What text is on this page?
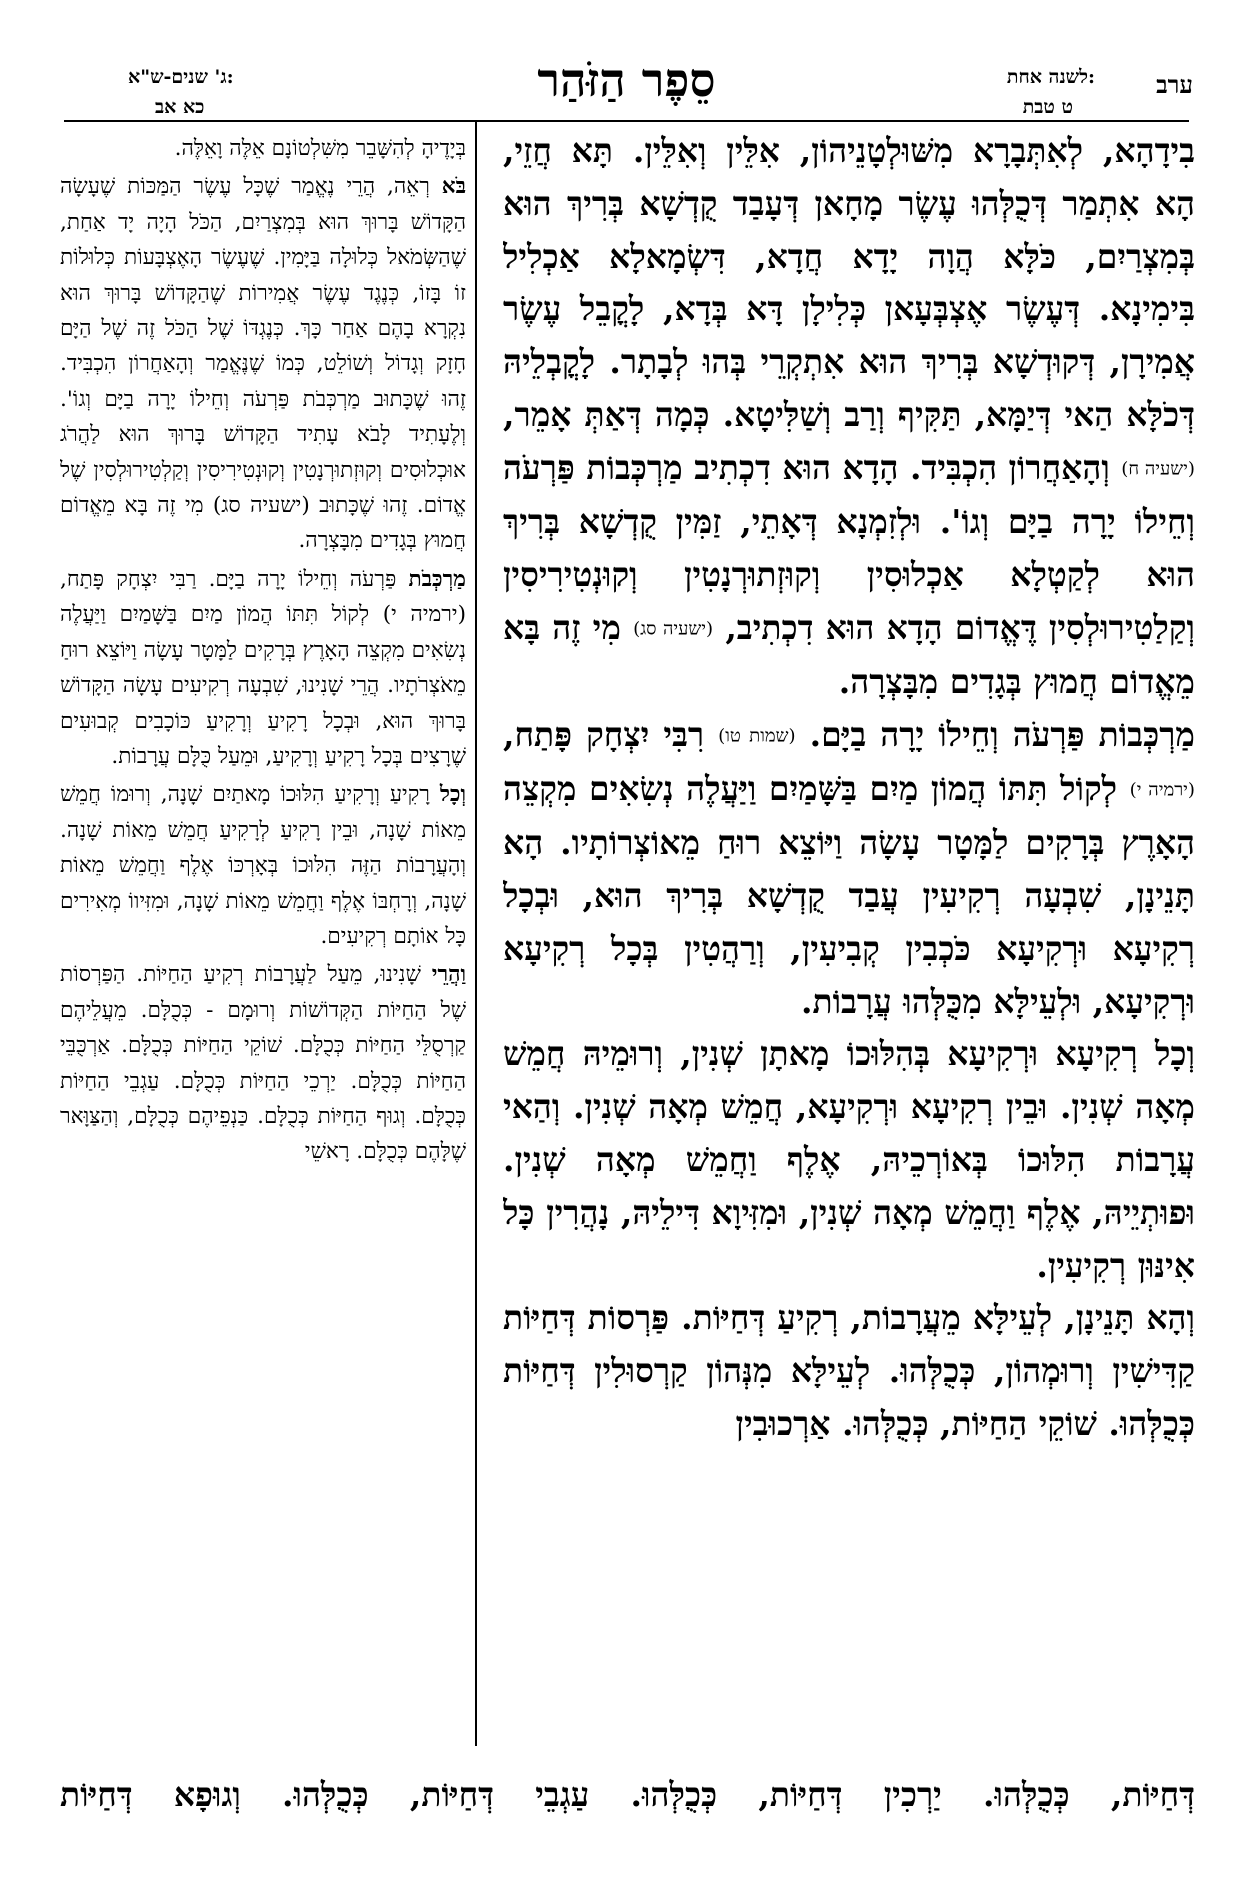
ערב
לשנה אחת:
ט טבת
סֵפֶר הַזֹּהַר
ג' שנים-ש"א:
כא אב

בִידָהָא, לְאִתְּבָרָא מִשּׁוּלְטָנֵיהוֹן, אִלֵּין וְאִלֵּין. תָּא חֲזֵי, הָא אִתְמַר דְּכֻלְּהוּ עֶשֶׂר מָחָאן דְּעָבַד קֻדְשָׁא בְּרִיךְ הוּא בְּמִצְרַיִם, כֹּלָּא הֲוָה יָדָא חֲדָא, דִּשְׂמָאלָא אַכְלִיל בִּימִינָא. דְּעֶשֶׂר אֶצְבְּעָאן כְּלִילָן דָּא בְּדָא, לָקֳבֵל עֶשֶׂר אֲמִירָן, דְּקוּדְשָׁא בְּרִיךְ הוּא אִתְקְרֵי בְּהוּ לְבָתָר. לָקֳבְלֵיהּ דְּכֹלָּא הַאי דְּיַמָּא, תַּקִּיף וְרַב וְשַׁלִּיטָא. כְּמָה דְּאַתְּ אָמֵר, (ישעיה ח) וְהָאַחֲרוֹן הִכְבִּיד. הָדָא הוּא דִכְתִיב מַרְכְּבוֹת פַּרְעֹה וְחֵילוֹ יָרָה בַיָּם וְגוֹ'. וּלְזִמְנָא דְּאָתֵי, זַמִּין קֻדְשָׁא בְּרִיךְ הוּא לְקַטְלָא אַכְלוּסִין וְקוּזְתוּרְנָטִין וְקוּנְטִירִיסִין וְקַלַטִירוּלְסִין דֶּאֱדוֹם הָדָא הוּא דִכְתִיב, (ישעיה סג) מִי זֶה בָּא מֵאֱדוֹם חֲמוּץ בְּגָדִים מִבָּצְרָה.

מַרְכְּבוֹת פַּרְעֹה וְחֵילוֹ יָרָה בַיָּם. (שמות טו) רִבִּי יִצְחָק פָּתַח, (ירמיה י) לְקוֹל תִּתּוֹ הֲמוֹן מַיִם בַּשָּׁמַיִם וַיַּעֲלֶה נְשִׂאִים מִקְצֵה הָאָרֶץ בְּרָקִים לַמָּטָר עָשָׂה וַיּוֹצֵא רוּחַ מֵאוֹצְרוֹתָיו. הָא תָּנֵינָן, שִׁבְעָה רְקִיעִין עֲבַד קֻדְשָׁא בְּרִיךְ הוּא, וּבְכָל רְקִיעָא וּרְקִיעָא כֹּכְבִין קְבִיעִין, וְרַהֲטִין בְּכָל רְקִיעָא וּרְקִיעָא, וּלְעֵילָּא מִכֻּלְּהוּ עֲרָבוֹת.

וְכָל רְקִיעָא וּרְקִיעָא בְּהִלּוּכוֹ מָאתָן שְׁנִין, וְרוּמֵיהּ חֲמֵשׁ מְאָה שְׁנִין. וּבֵין רְקִיעָא וּרְקִיעָא, חֲמֵשׁ מְאָה שְׁנִין. וְהַאי עֲרָבוֹת הִלּוּכוֹ בְּאוֹרְכֵיהּ, אֶלֶף וַחֲמֵשׁ מְאָה שְׁנִין. וּפוּתְיֵיהּ, אֶלֶף וַחֲמֵשׁ מְאָה שְׁנִין, וּמִזִּיוָא דִּילֵיהּ, נָהֲרִין כָּל אִינּוּן רְקִיעִין.

וְהָא תָּנֵינָן, לְעֵילָּא מֵעֲרָבוֹת, רְקִיעַ דְּחַיּוֹת. פַּרְסוֹת דְּחַיּוֹת קַדִּישִׁין וְרוּמְהוֹן, כְּכֻלְּהוּ. לְעֵילָּא מִנְּהוֹן קַרְסוּלִין דְּחַיּוֹת כְּכֻלְּהוּ. שׁוֹקֵי הַחַיּוֹת, כְּכֻלְּהוּ. אַרְכוּבִין

בְּיָדֶיהָ לְהִשָּׁבֵר מִשִּׁלְטוֹנָם אֵלֶּה וָאֵלֶּה.

בֹּא רְאֵה, הֲרֵי נֶאֱמַר שֶׁכָּל עֶשֶׂר הַמַּכּוֹת שֶׁעָשָׂה הַקָּדוֹשׁ בָּרוּךְ הוּא בְּמִצְרַיִם, הַכֹּל הָיָה יָד אַחַת, שֶׁהַשְּׂמֹאל כְּלוּלָה בַּיָּמִין. שֶׁעֶשֶׂר הָאֶצְבָּעוֹת כְּלוּלוֹת זוֹ בָּזוֹ, כְּנֶגֶד עֶשֶׂר אֲמִירוֹת שֶׁהַקָּדוֹשׁ בָּרוּךְ הוּא נִקְרָא בָהֶם אַחַר כָּךְ. כְּנֶגְדּוֹ שֶׁל הַכֹּל זֶה שֶׁל הַיָּם חָזָק וְגָדוֹל וְשׁוֹלֵט, כְּמוֹ שֶׁנֶּאֱמַר וְהָאַחֲרוֹן הִכְבִּיד. זֶהוּ שֶׁכָּתוּב מַרְכְּבֹת פַּרְעֹה וְחֵילוֹ יָרָה בַיָּם וְגוֹ'. וְלֶעָתִיד לָבֹא עָתִיד הַקָּדוֹשׁ בָּרוּךְ הוּא לַהֲרֹג אוּכְלוּסִים וְקוּזְתוּרְנָטִין וְקוּנְטִירִיסִין וְקַלְטִירוּלְסִין שֶׁל אֱדוֹם. זֶהוּ שֶׁכָּתוּב (ישעיה סג) מִי זֶה בָּא מֵאֱדוֹם חֲמוּץ בְּגָדִים מִבָּצְרָה.

מַרְכְּבֹת פַּרְעֹה וְחֵילוֹ יָרָה בַיָּם. רַבִּי יִצְחָק פָּתַח, (ירמיה י) לְקוֹל תִּתּוֹ הֲמוֹן מַיִם בַּשָּׁמַיִם וַיַּעֲלֶה נְשִׂאִים מִקְצֵה הָאָרֶץ בְּרָקִים לַמָּטָר עָשָׂה וַיּוֹצֵא רוּחַ מֵאֹצְרֹתָיו. הֲרֵי שָׁנִינוּ, שִׁבְעָה רְקִיעִים עָשָׂה הַקָּדוֹשׁ בָּרוּךְ הוּא, וּבְכָל רָקִיעַ וְרָקִיעַ כּוֹכָבִים קְבוּעִים שֶׁרָצִים בְּכָל רָקִיעַ וְרָקִיעַ, וּמֵעַל כֻּלָּם עֲרָבוֹת.

וְכָל רָקִיעַ וְרָקִיעַ הִלּוּכוֹ מָאתַיִם שָׁנָה, וְרוּמוֹ חֲמֵשׁ מֵאוֹת שָׁנָה, וּבֵין רָקִיעַ לְרָקִיעַ חֲמֵשׁ מֵאוֹת שָׁנָה. וְהָעֲרָבוֹת הַזֶּה הִלּוּכוֹ בְּאָרְכּוֹ אֶלֶף וַחֲמֵשׁ מֵאוֹת שָׁנָה, וְרָחְבּוֹ אֶלֶף וַחֲמֵשׁ מֵאוֹת שָׁנָה, וּמִזִּיווֹ מְאִירִים כָּל אוֹתָם רְקִיעִים.

וַהֲרֵי שָׁנִינוּ, מֵעַל לַעֲרָבוֹת רְקִיעַ הַחַיּוֹת. הַפַּרְסוֹת שֶׁל הַחַיּוֹת הַקְּדוֹשׁוֹת וְרוּמָם - כְּכֻלָּם. מֵעֲלֵיהֶם קַרְסֻלֵּי הַחַיּוֹת כְּכֻלָּם. שׁוֹקֵי הַחַיּוֹת כְּכֻלָּם. אַרְכֻּבֵּי הַחַיּוֹת כְּכֻלָּם. יַרְכֵי הַחַיּוֹת כְּכֻלָּם. עַגְבֵי הַחַיּוֹת כְּכֻלָּם. וְגוּף הַחַיּוֹת כְּכֻלָּם. כַּנְפֵיהֶם כְּכֻלָּם, וְהַצַּוָּאר שֶׁלָּהֶם כְּכֻלָּם. רָאשֵׁי

דְּחַיּוֹת, כְּכֻלְּהוּ. יַרְכִין דְּחַיּוֹת, כְּכֻלְּהוּ. עַגְבֵי דְּחַיּוֹת, כְּכֻלְּהוּ. וְגוּפָא דְּחַיּוֹת
